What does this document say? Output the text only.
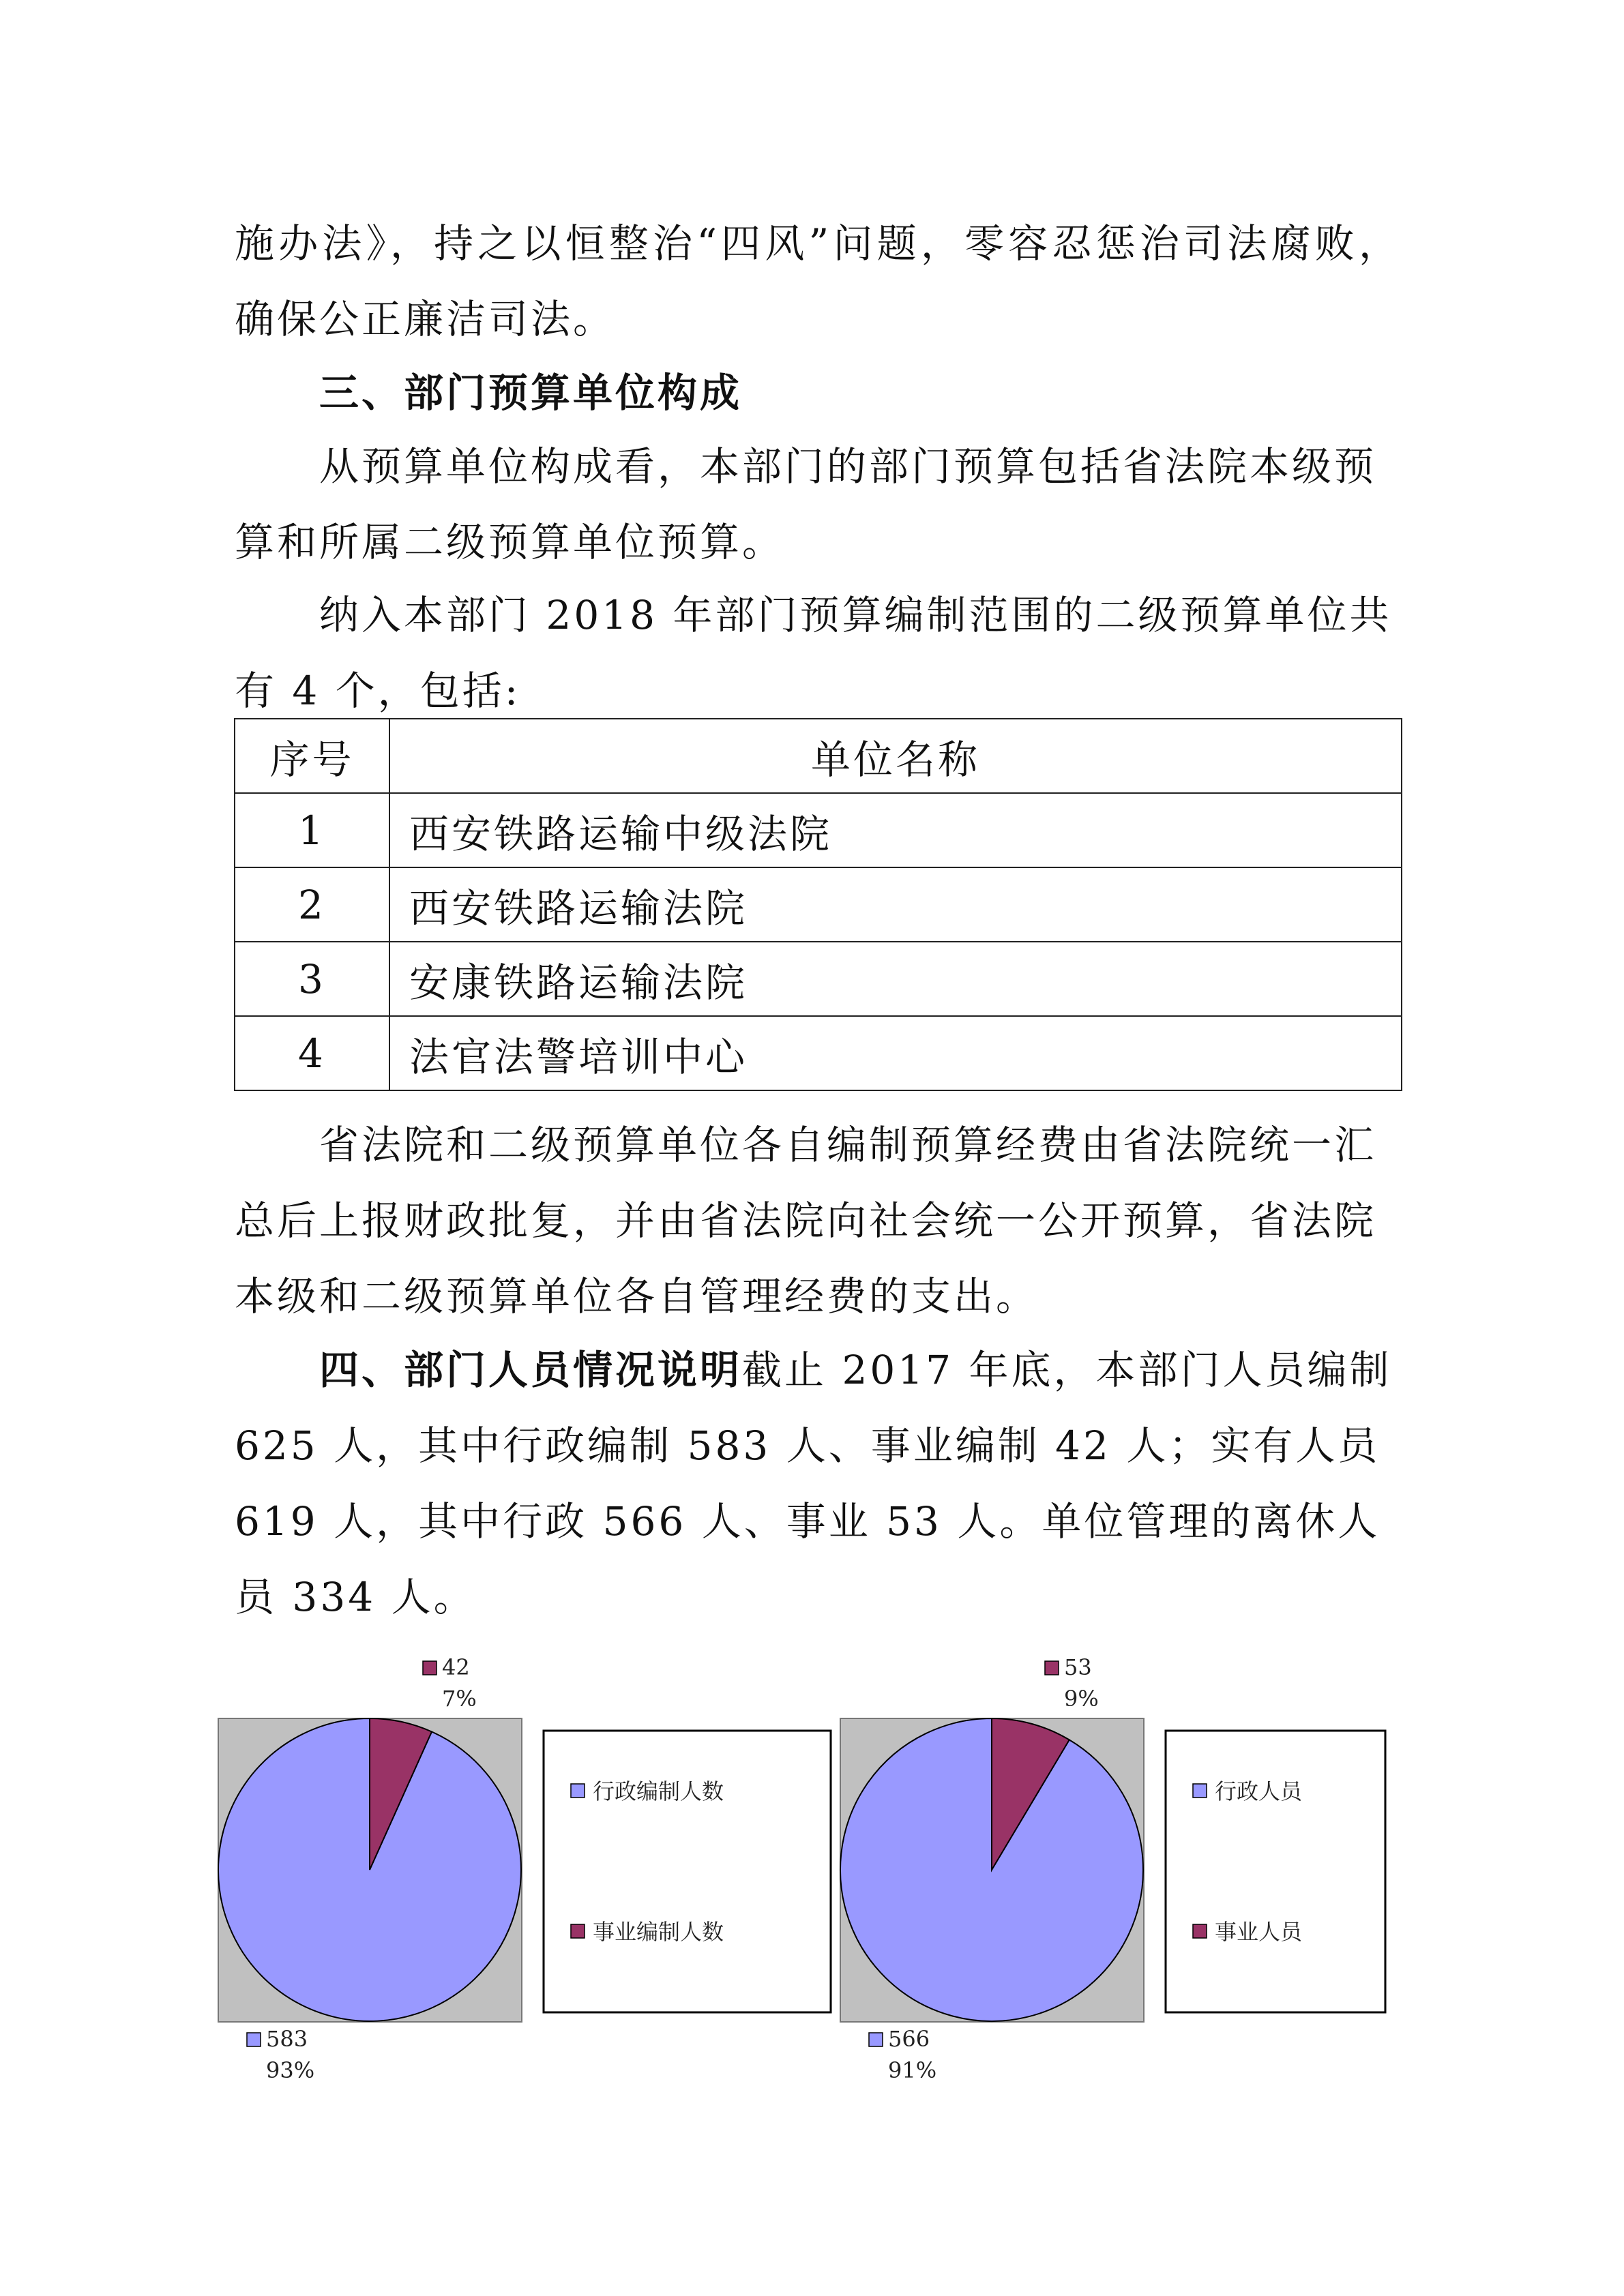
施办法》，持之以恒整治“四风”问题，零容忍惩治司法腐败，

确保公正廉洁司法。

三、部门预算单位构成

从预算单位构成看，本部门的部门预算包括省法院本级预算和所属二级预算单位预算。

纳入本部门 2018 年部门预算编制范围的二级预算单位共有 4 个，包括:

序号	单位名称
1	西安铁路运输中级法院
2	西安铁路运输法院
3	安康铁路运输法院
4	法官法警培训中心

省法院和二级预算单位各自编制预算经费由省法院统一汇总后上报财政批复，并由省法院向社会统一公开预算，省法院本级和二级预算单位各自管理经费的支出。

四、部门人员情况说明截止 2017 年底，本部门人员编制 625 人，其中行政编制 583 人、事业编制 42 人；实有人员 619 人，其中行政 566 人、事业 53 人。单位管理的离休人员 334 人。

42
7%
583
93%
行政编制人数
事业编制人数
53
9%
566
91%
行政人员
事业人员
